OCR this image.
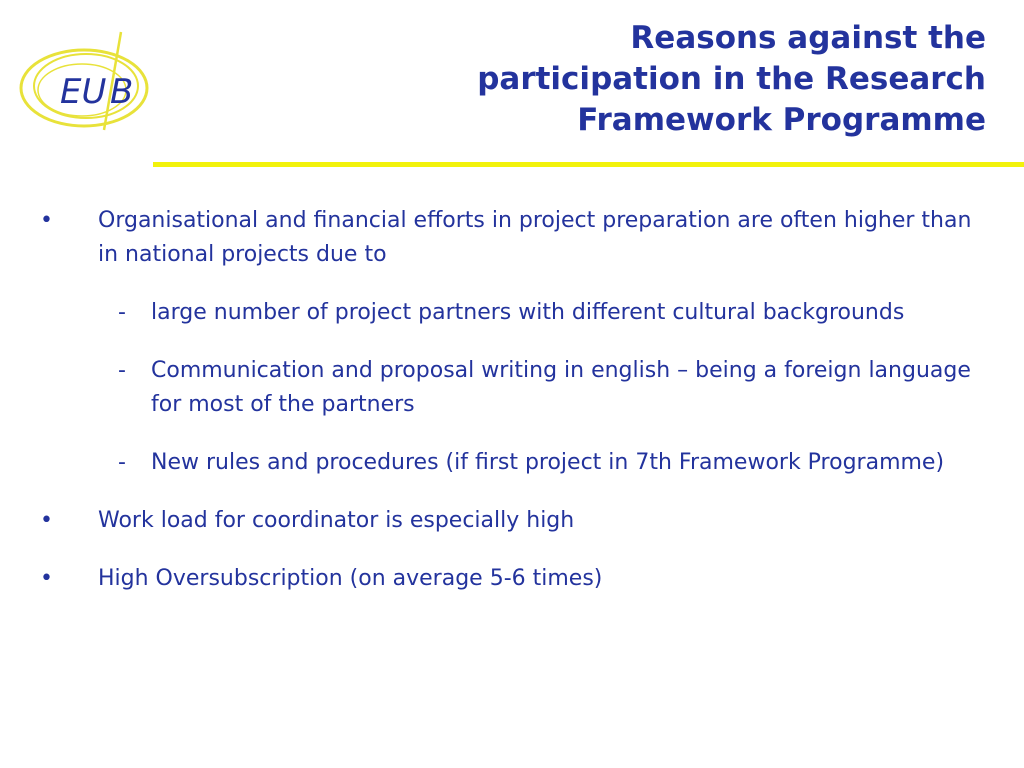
EU B
Reasons against the
participation in the Research
Framework Programme
• Organisational and financial efforts in project preparation are often higher than in national projects due to
- large number of project partners with different cultural backgrounds
- Communication and proposal writing in english – being a foreign language for most of the partners
- New rules and procedures (if first project in 7th Framework Programme)
• Work load for coordinator is especially high
• High Oversubscription (on average 5-6 times)
